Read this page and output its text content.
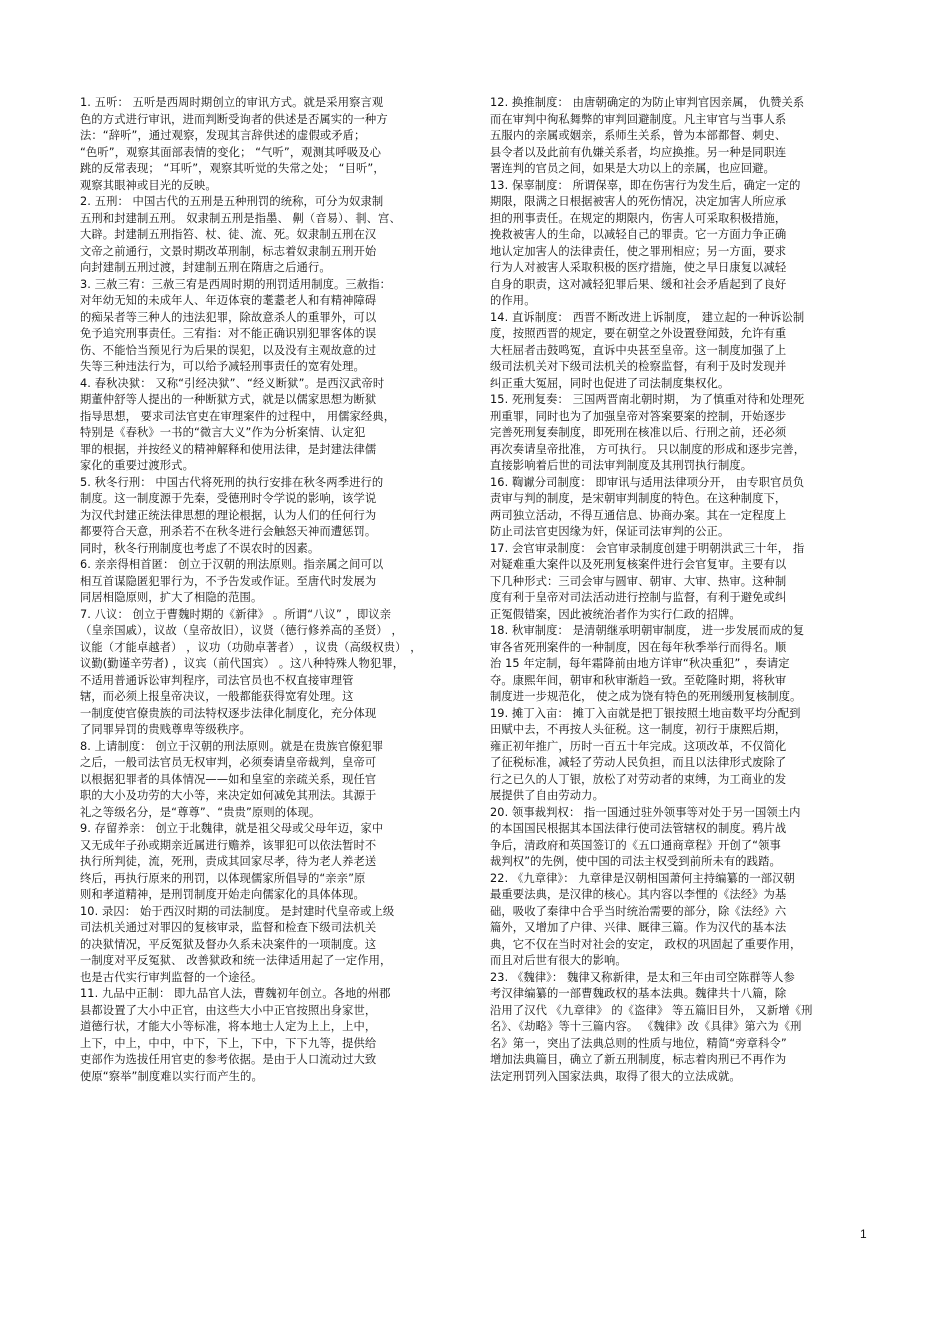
1. 五听： 五听是西周时期创立的审讯方式。就是采用察言观
色的方式进行审讯，进而判断受询者的供述是否属实的一种方
法：“辞听”，通过观察，发现其言辞供述的虚假或矛盾；
“色听”，观察其面部表情的变化； “气听”，观测其呼吸及心
跳的反常表现； “耳听”，观察其听觉的失常之处； “目听”，
观察其眼神或目光的反映。
2. 五刑： 中国古代的五刑是五种刑罚的统称，可分为奴隶制
五刑和封建制五刑。 奴隶制五刑是指墨、 劓（音易）、剕、宫、
大辟。封建制五刑指笞、杖、徒、流、死。奴隶制五刑在汉
文帝之前通行，文景时期改革刑制，标志着奴隶制五刑开始
向封建制五刑过渡，封建制五刑在隋唐之后通行。
3. 三赦三宥：三赦三宥是西周时期的刑罚适用制度。三赦指：
对年幼无知的未成年人、年迈体衰的耄耋老人和有精神障碍
的痴呆者等三种人的违法犯罪，除故意杀人的重罪外，可以
免予追究刑事责任。三宥指：对不能正确识别犯罪客体的误
伤、不能恰当预见行为后果的误犯，以及没有主观故意的过
失等三种违法行为，可以给予减轻刑事责任的宽宥处理。
4. 春秋决狱： 又称“引经决狱”、“经义断狱”。是西汉武帝时
期董仲舒等人提出的一种断狱方式，就是以儒家思想为断狱
指导思想， 要求司法官吏在审理案件的过程中， 用儒家经典，
特别是《春秋》一书的“微言大义”作为分析案情、认定犯
罪的根据，并按经义的精神解释和使用法律，是封建法律儒
家化的重要过渡形式。
5. 秋冬行刑： 中国古代将死刑的执行安排在秋冬两季进行的
制度。这一制度源于先秦，受德刑时令学说的影响，该学说
为汉代封建正统法律思想的理论根据，认为人们的任何行为
都要符合天意，刑杀若不在秋冬进行会触怒天神而遭惩罚。
同时，秋冬行刑制度也考虑了不误农时的因素。
6. 亲亲得相首匿： 创立于汉朝的刑法原则。指亲属之间可以
相互首谋隐匿犯罪行为，不予告发或作证。至唐代时发展为
同居相隐原则，扩大了相隐的范围。
7. 八议： 创立于曹魏时期的《新律》 。所谓“八议” ，即议亲
（皇亲国戚），议故（皇帝故旧），议贤（德行修养高的圣贤） ，
议能（才能卓越者） ，议功（功勋卓著者） ，议贵（高级权贵） ，
议勤(勤谨辛劳者) ，议宾（前代国宾） 。这八种特殊人物犯罪，
不适用普通诉讼审判程序，司法官员也不权直接审理管
辖，而必须上报皇帝决议，一般都能获得宽宥处理。这
一制度使官僚贵族的司法特权逐步法律化制度化，充分体现
了同罪异罚的贵贱尊卑等级秩序。
8. 上请制度： 创立于汉朝的刑法原则。就是在贵族官僚犯罪
之后，一般司法官员无权审判，必须奏请皇帝裁判，皇帝可
以根据犯罪者的具体情况——如和皇室的亲疏关系，现任官
职的大小及功劳的大小等，来决定如何减免其刑法。其源于
礼之等级名分，是“尊尊”、“贵贵”原则的体现。
9. 存留养亲： 创立于北魏律，就是祖父母或父母年迈，家中
又无成年子孙或期亲近属进行赡养，该罪犯可以依法暂时不
执行所判徒，流，死刑，责成其回家尽孝，待为老人养老送
终后，再执行原来的刑罚，以体现儒家所倡导的“亲亲”原
则和孝道精神，是刑罚制度开始走向儒家化的具体体现。
10. 录囚： 始于西汉时期的司法制度。 是封建时代皇帝或上级
司法机关通过对罪囚的复核审录，监督和检查下级司法机关
的决狱情况，平反冤狱及督办久系未决案件的一项制度。这
一制度对平反冤狱、 改善狱政和统一法律适用起了一定作用，
也是古代实行审判监督的一个途径。
11. 九品中正制： 即九品官人法，曹魏初年创立。各地的州郡
县都设置了大小中正官，由这些大小中正官按照出身家世，
道德行状，才能大小等标准，将本地士人定为上上，上中，
上下，中上，中中，中下，下上，下中，下下九等，提供给
吏部作为选拔任用官吏的参考依据。是由于人口流动过大致
使原“察举”制度难以实行而产生的。
12. 换推制度： 由唐朝确定的为防止审判官因亲属， 仇赞关系
而在审判中徇私舞弊的审判回避制度。凡主审官与当事人系
五服内的亲属或姻亲，系师生关系，曾为本部都督、刺史、
县令者以及此前有仇嫌关系者，均应换推。另一种是同职连
署连判的官员之间，如果是大功以上的亲属，也应回避。
13. 保辜制度： 所谓保辜，即在伤害行为发生后，确定一定的
期限，限满之日根据被害人的死伤情况，决定加害人所应承
担的刑事责任。在规定的期限内，伤害人可采取积极措施，
挽救被害人的生命，以减轻自己的罪责。它一方面力争正确
地认定加害人的法律责任，使之罪刑相应；另一方面，要求
行为人对被害人采取积极的医疗措施，使之早日康复以减轻
自身的职责，这对减轻犯罪后果、缓和社会矛盾起到了良好
的作用。
14. 直诉制度： 西晋不断改进上诉制度， 建立起的一种诉讼制
度，按照西晋的规定，要在朝堂之外设置登闻鼓，允许有重
大枉屈者击鼓鸣冤，直诉中央甚至皇帝。这一制度加强了上
级司法机关对下级司法机关的检察监督，有利于及时发现并
纠正重大冤屈，同时也促进了司法制度集权化。
15. 死刑复奏： 三国两晋南北朝时期， 为了慎重对待和处理死
刑重罪，同时也为了加强皇帝对答案要案的控制，开始逐步
完善死刑复奏制度，即死刑在核准以后、行刑之前，还必须
再次奏请皇帝批准， 方可执行。 只以制度的形成和逐步完善，
直接影响着后世的司法审判制度及其刑罚执行制度。
16. 鞫谳分司制度： 即审讯与适用法律项分开， 由专职官员负
责审与判的制度，是宋朝审判制度的特色。在这种制度下，
两司独立活动，不得互通信息、协商办案。其在一定程度上
防止司法官吏因缘为奸，保证司法审判的公正。
17. 会官审录制度： 会官审录制度创建于明朝洪武三十年， 指
对疑难重大案件以及死刑复核案件进行会官复审。主要有以
下几种形式：三司会审与圆审、朝审、大审、热审。这种制
度有利于皇帝对司法活动进行控制与监督，有利于避免或纠
正冤假错案，因此被统治者作为实行仁政的招牌。
18. 秋审制度： 是清朝继承明朝审制度， 进一步发展而成的复
审各省死刑案件的一种制度，因在每年秋季举行而得名。顺
治 15 年定制，每年霜降前由地方详审“秋决重犯” ，奏请定
夺。康熙年间，朝审和秋审渐趋一致。至乾隆时期，将秋审
制度进一步规范化， 使之成为饶有特色的死刑缓刑复核制度。
19. 摊丁入亩： 摊丁入亩就是把丁银按照土地亩数平均分配到
田赋中去，不再按人头征税。这一制度，初行于康熙后期，
雍正初年推广，历时一百五十年完成。这项改革，不仅简化
了征税标准，减轻了劳动人民负担，而且以法律形式废除了
行之已久的人丁银，放松了对劳动者的束缚，为工商业的发
展提供了自由劳动力。
20. 领事裁判权： 指一国通过驻外领事等对处于另一国领土内
的本国国民根据其本国法律行使司法管辖权的制度。鸦片战
争后，清政府和英国签订的《五口通商章程》开创了“领事
裁判权”的先例，使中国的司法主权受到前所未有的践踏。
22. 《九章律》： 九章律是汉朝相国萧何主持编纂的一部汉朝
最重要法典，是汉律的核心。其内容以李悝的《法经》为基
础，吸收了秦律中合乎当时统治需要的部分，除《法经》六
篇外，又增加了户律、兴律、厩律三篇。作为汉代的基本法
典，它不仅在当时对社会的安定， 政权的巩固起了重要作用，
而且对后世有很大的影响。
23. 《魏律》： 魏律又称新律，是太和三年由司空陈群等人参
考汉律编纂的一部曹魏政权的基本法典。魏律共十八篇，除
沿用了汉代 《九章律》 的《盗律》 等五篇旧目外， 又新增《刑
名》、《劫略》等十三篇内容。 《魏律》改《具律》第六为《刑
名》第一，突出了法典总则的性质与地位，精简“旁章科令”
增加法典篇目，确立了新五刑制度，标志着肉刑已不再作为
法定刑罚列入国家法典，取得了很大的立法成就。
1
